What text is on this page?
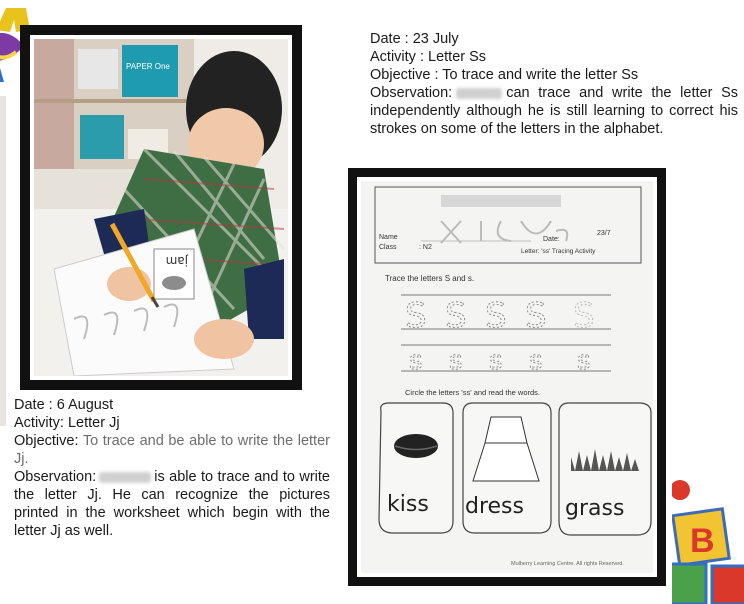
PAPER One
jam

Date : 23 July

Activity : Letter Ss

Objective : To trace and write the letter Ss

Observation:	can trace and write the letter Ss independently although he is still learning to correct his strokes on some of the letters in the alphabet.

Date : 6 August

Activity: Letter Jj

Objective: To trace and be able to write the letter Jj.

Observation:	is able to trace and to write the letter Jj. He can recognize the pictures printed in the worksheet which begin with the letter Jj as well.

Name
Class	: N2
Date:
23/7
Letter: 'ss' Tracing Activity
Trace the letters S and s.
S S S S S
s s s s s
Circle the letters 'ss' and read the words.
kiss dress grass
Mulberry Learning Centre. All rights Reserved.
B
